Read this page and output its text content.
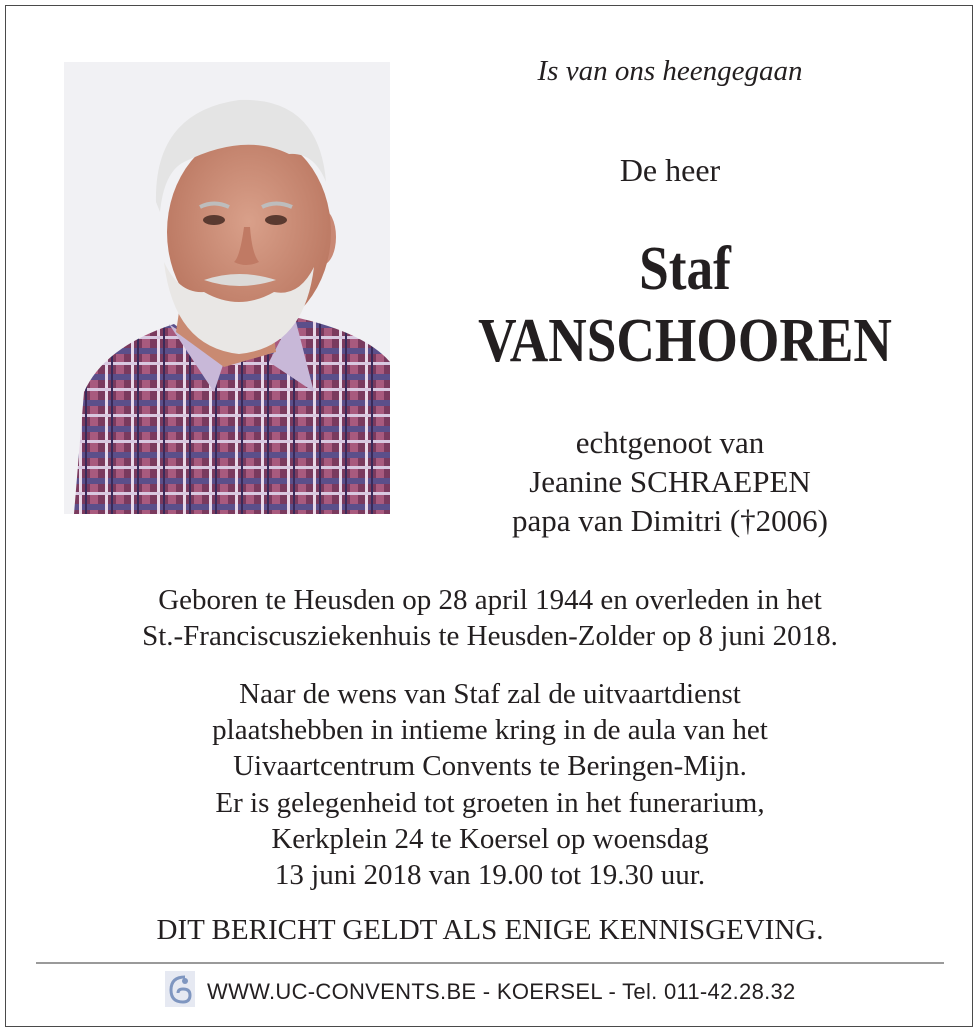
Is van ons heengegaan
De heer
Staf
VANSCHOOREN
echtgenoot van
Jeanine SCHRAEPEN
papa van Dimitri (†2006)
Geboren te Heusden op 28 april 1944 en overleden in het
St.-Franciscusziekenhuis te Heusden-Zolder op 8 juni 2018.
Naar de wens van Staf zal de uitvaartdienst
plaatshebben in intieme kring in de aula van het
Uivaartcentrum Convents te Beringen-Mijn.
Er is gelegenheid tot groeten in het funerarium,
Kerkplein 24 te Koersel op woensdag
13 juni 2018 van 19.00 tot 19.30 uur.
DIT BERICHT GELDT ALS ENIGE KENNISGEVING.
WWW.UC-CONVENTS.BE - KOERSEL - Tel. 011-42.28.32
